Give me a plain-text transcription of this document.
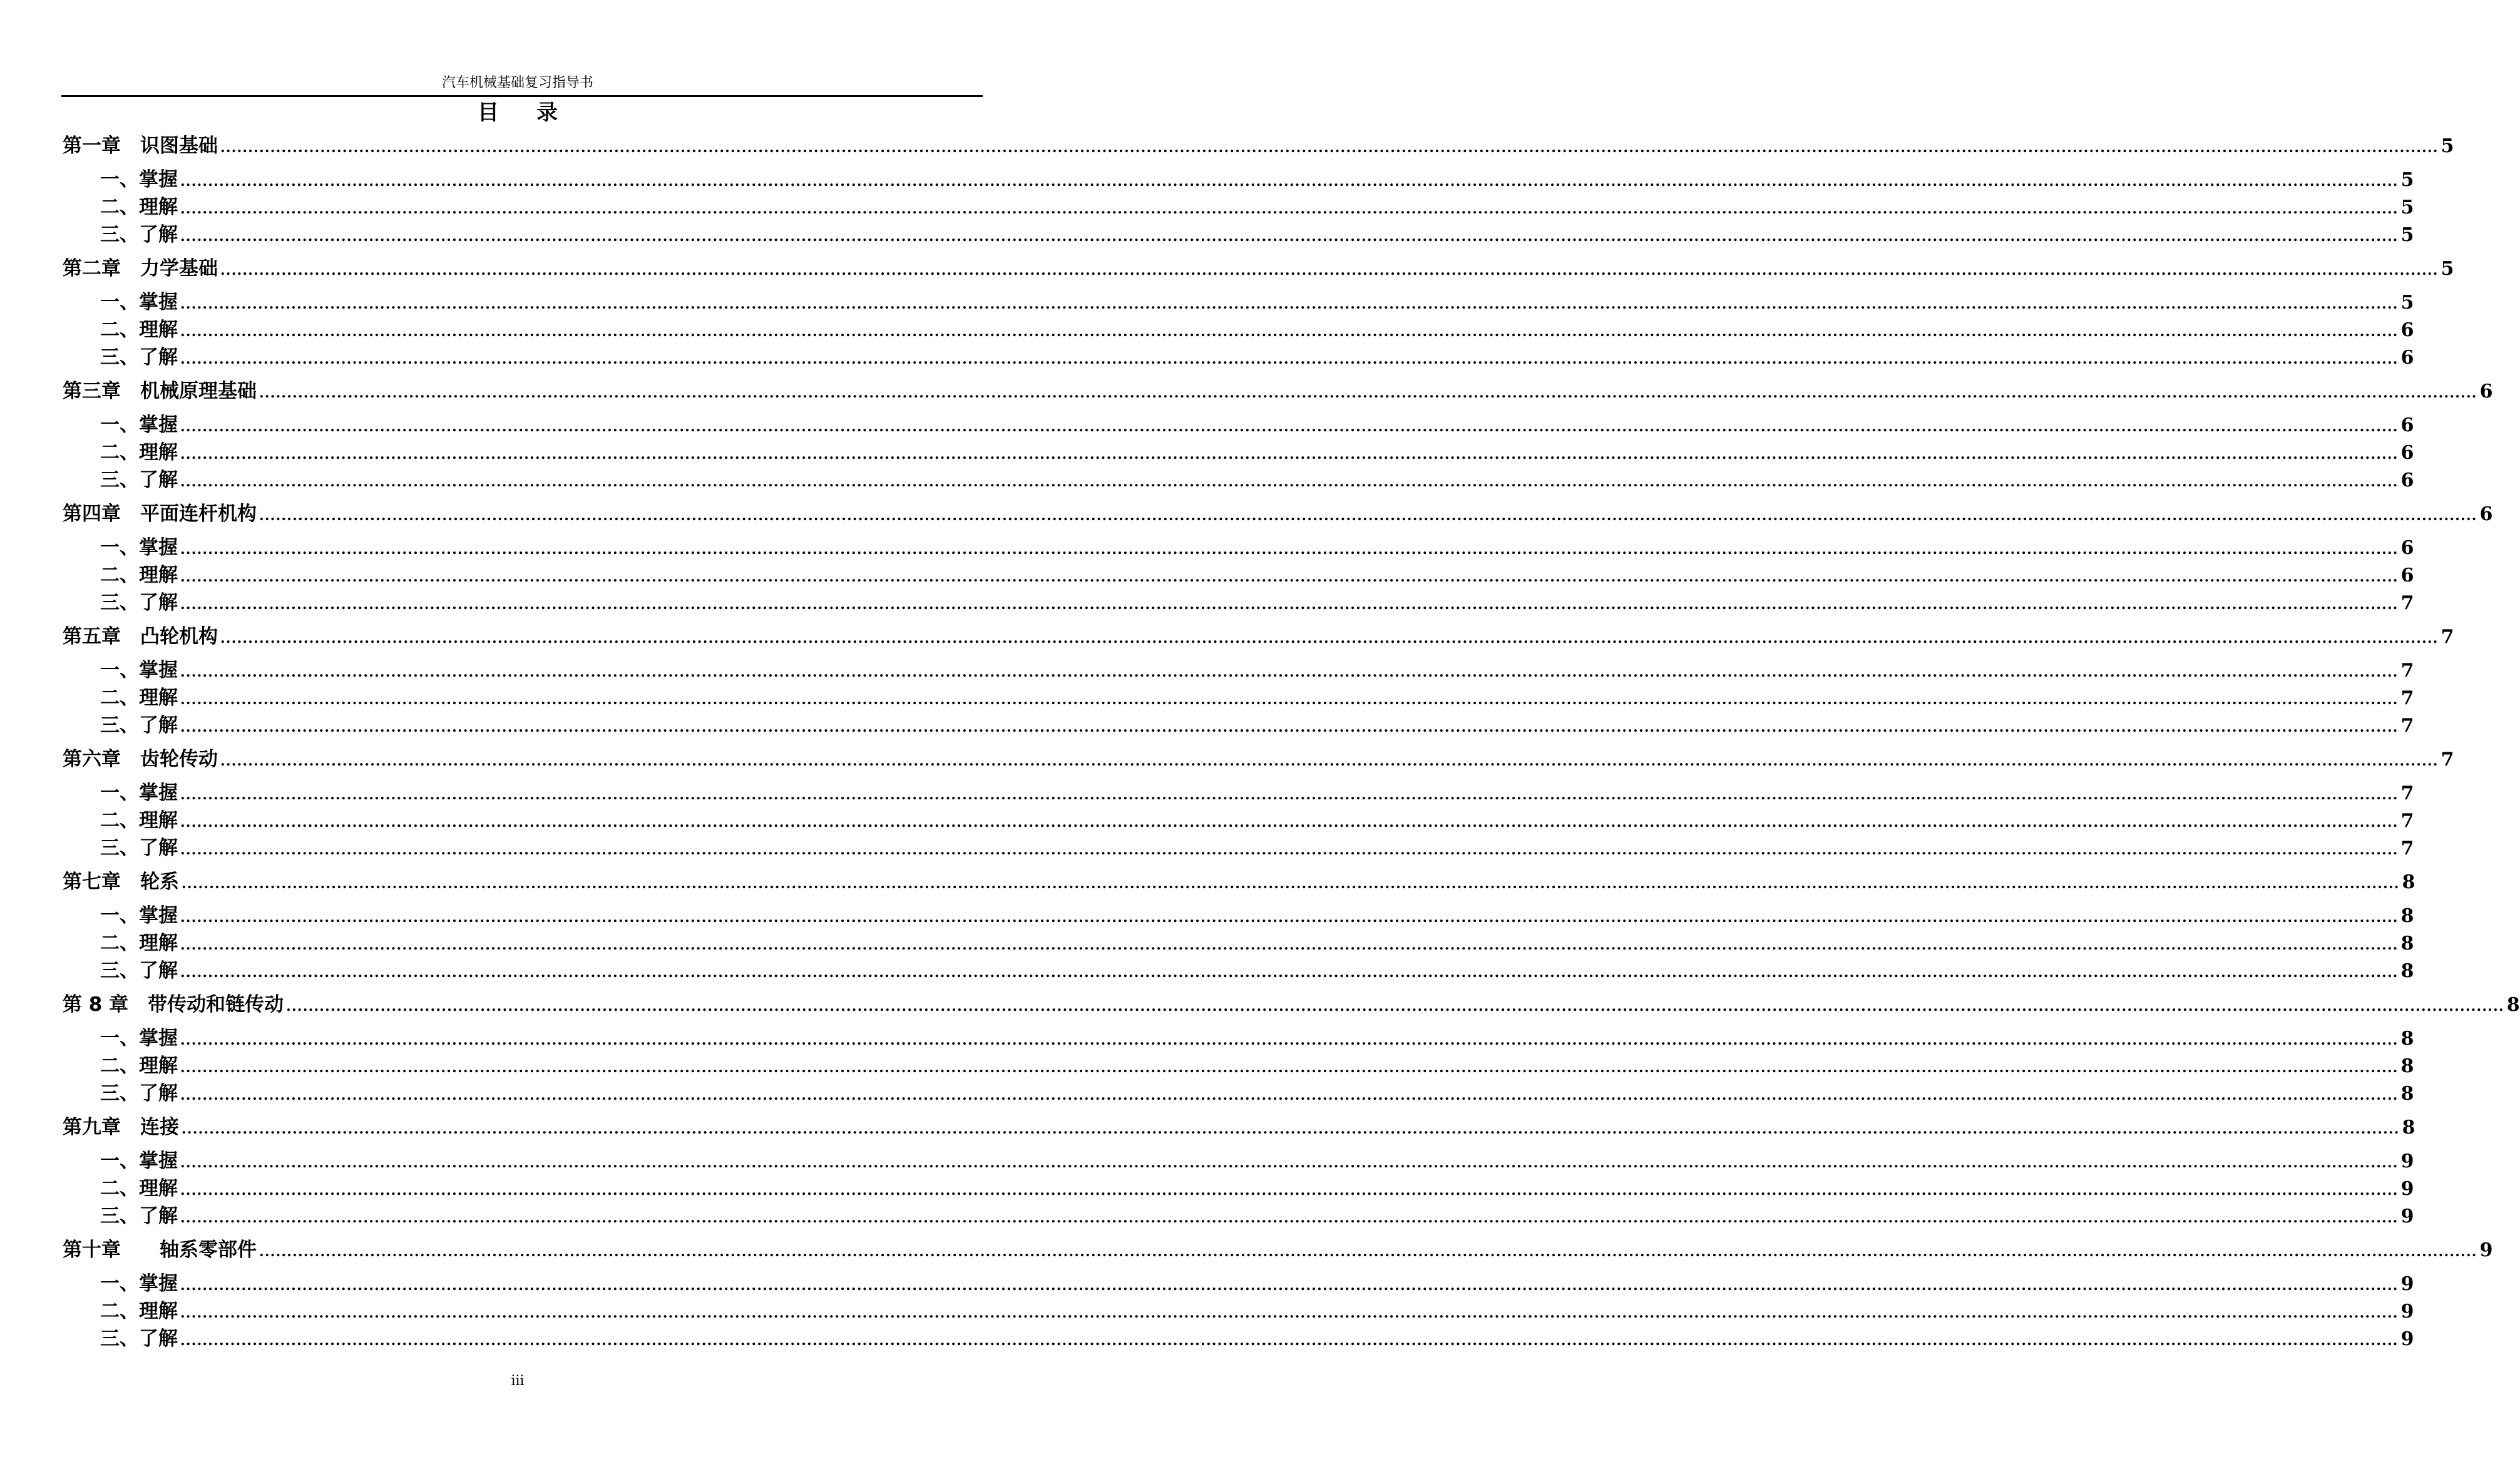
汽车机械基础复习指导书
目录
第一章　识图基础 ................................................................................................................................................................................................................................................................................................................................................................................................................ 5
一、掌握 ................................................................................................................................................................................................................................................................................................................................................................................................................ 5
二、理解 ................................................................................................................................................................................................................................................................................................................................................................................................................ 5
三、了解 ................................................................................................................................................................................................................................................................................................................................................................................................................ 5
第二章　力学基础 ................................................................................................................................................................................................................................................................................................................................................................................................................ 5
一、掌握 ................................................................................................................................................................................................................................................................................................................................................................................................................ 5
二、理解 ................................................................................................................................................................................................................................................................................................................................................................................................................ 6
三、了解 ................................................................................................................................................................................................................................................................................................................................................................................................................ 6
第三章　机械原理基础 ................................................................................................................................................................................................................................................................................................................................................................................................................ 6
一、掌握 ................................................................................................................................................................................................................................................................................................................................................................................................................ 6
二、理解 ................................................................................................................................................................................................................................................................................................................................................................................................................ 6
三、了解 ................................................................................................................................................................................................................................................................................................................................................................................................................ 6
第四章　平面连杆机构 ................................................................................................................................................................................................................................................................................................................................................................................................................ 6
一、掌握 ................................................................................................................................................................................................................................................................................................................................................................................................................ 6
二、理解 ................................................................................................................................................................................................................................................................................................................................................................................................................ 6
三、了解 ................................................................................................................................................................................................................................................................................................................................................................................................................ 7
第五章　凸轮机构 ................................................................................................................................................................................................................................................................................................................................................................................................................ 7
一、掌握 ................................................................................................................................................................................................................................................................................................................................................................................................................ 7
二、理解 ................................................................................................................................................................................................................................................................................................................................................................................................................ 7
三、了解 ................................................................................................................................................................................................................................................................................................................................................................................................................ 7
第六章　齿轮传动 ................................................................................................................................................................................................................................................................................................................................................................................................................ 7
一、掌握 ................................................................................................................................................................................................................................................................................................................................................................................................................ 7
二、理解 ................................................................................................................................................................................................................................................................................................................................................................................................................ 7
三、了解 ................................................................................................................................................................................................................................................................................................................................................................................................................ 7
第七章　轮系 ................................................................................................................................................................................................................................................................................................................................................................................................................ 8
一、掌握 ................................................................................................................................................................................................................................................................................................................................................................................................................ 8
二、理解 ................................................................................................................................................................................................................................................................................................................................................................................................................ 8
三、了解 ................................................................................................................................................................................................................................................................................................................................................................................................................ 8
第 8 章　带传动和链传动 ................................................................................................................................................................................................................................................................................................................................................................................................................ 8
一、掌握 ................................................................................................................................................................................................................................................................................................................................................................................................................ 8
二、理解 ................................................................................................................................................................................................................................................................................................................................................................................................................ 8
三、了解 ................................................................................................................................................................................................................................................................................................................................................................................................................ 8
第九章　连接 ................................................................................................................................................................................................................................................................................................................................................................................................................ 8
一、掌握 ................................................................................................................................................................................................................................................................................................................................................................................................................ 9
二、理解 ................................................................................................................................................................................................................................................................................................................................................................................................................ 9
三、了解 ................................................................................................................................................................................................................................................................................................................................................................................................................ 9
第十章　　轴系零部件 ................................................................................................................................................................................................................................................................................................................................................................................................................ 9
一、掌握 ................................................................................................................................................................................................................................................................................................................................................................................................................ 9
二、理解 ................................................................................................................................................................................................................................................................................................................................................................................................................ 9
三、了解 ................................................................................................................................................................................................................................................................................................................................................................................................................ 9
iii
